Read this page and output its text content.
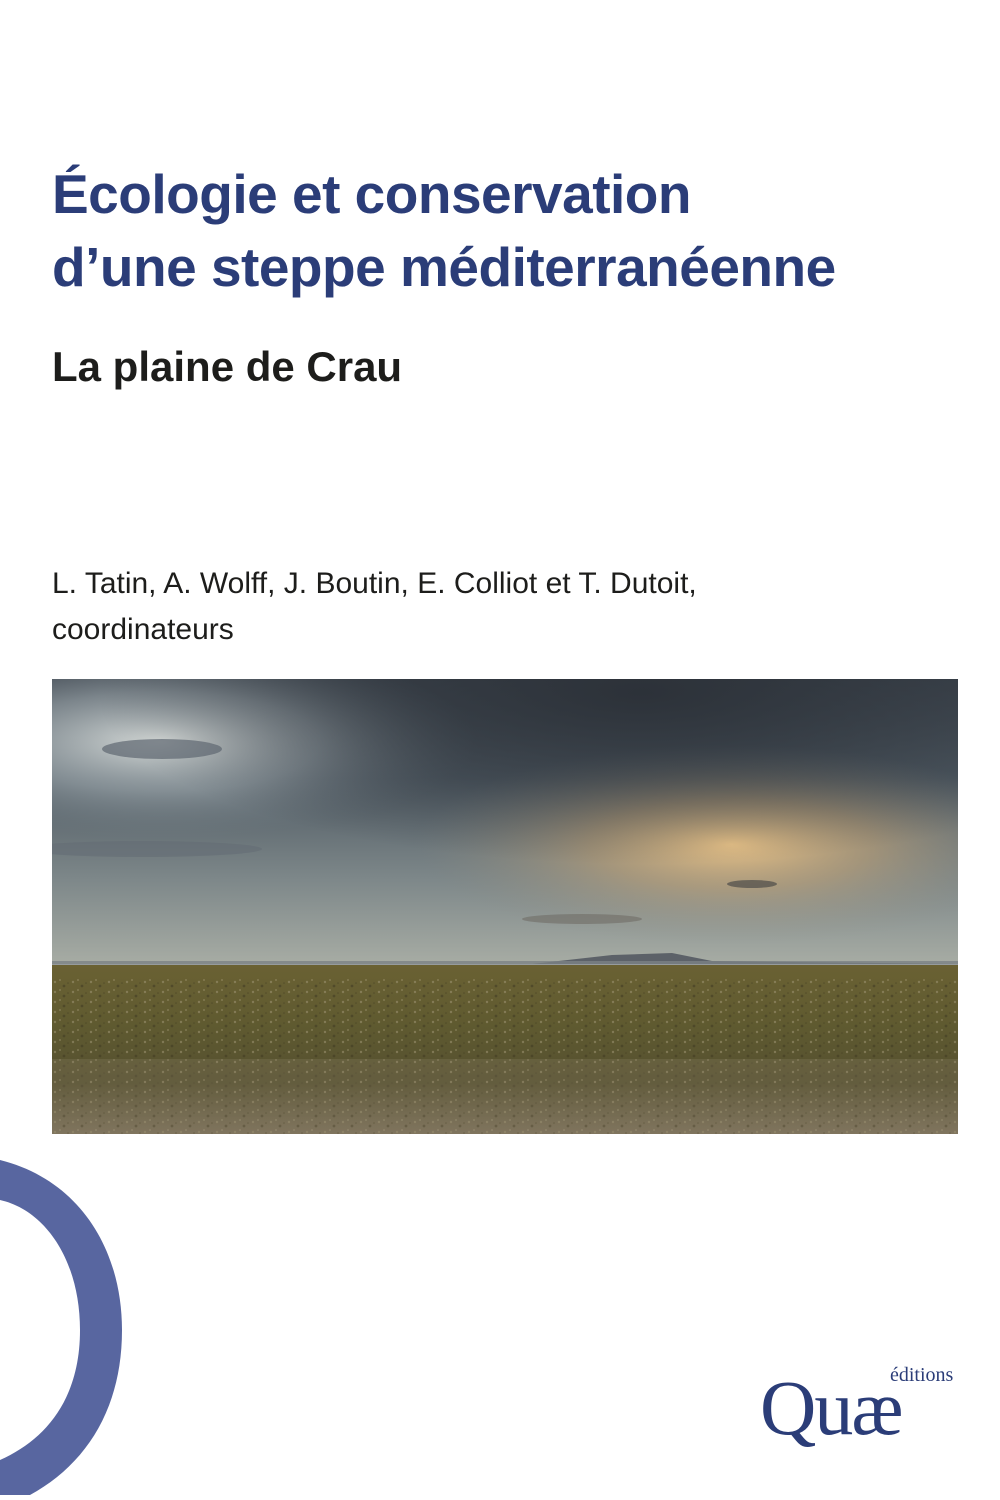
Écologie et conservation
d’une steppe méditerranéenne
La plaine de Crau
L. Tatin, A. Wolff, J. Boutin, E. Colliot et T. Dutoit,
coordinateurs
éditions
Quæ
